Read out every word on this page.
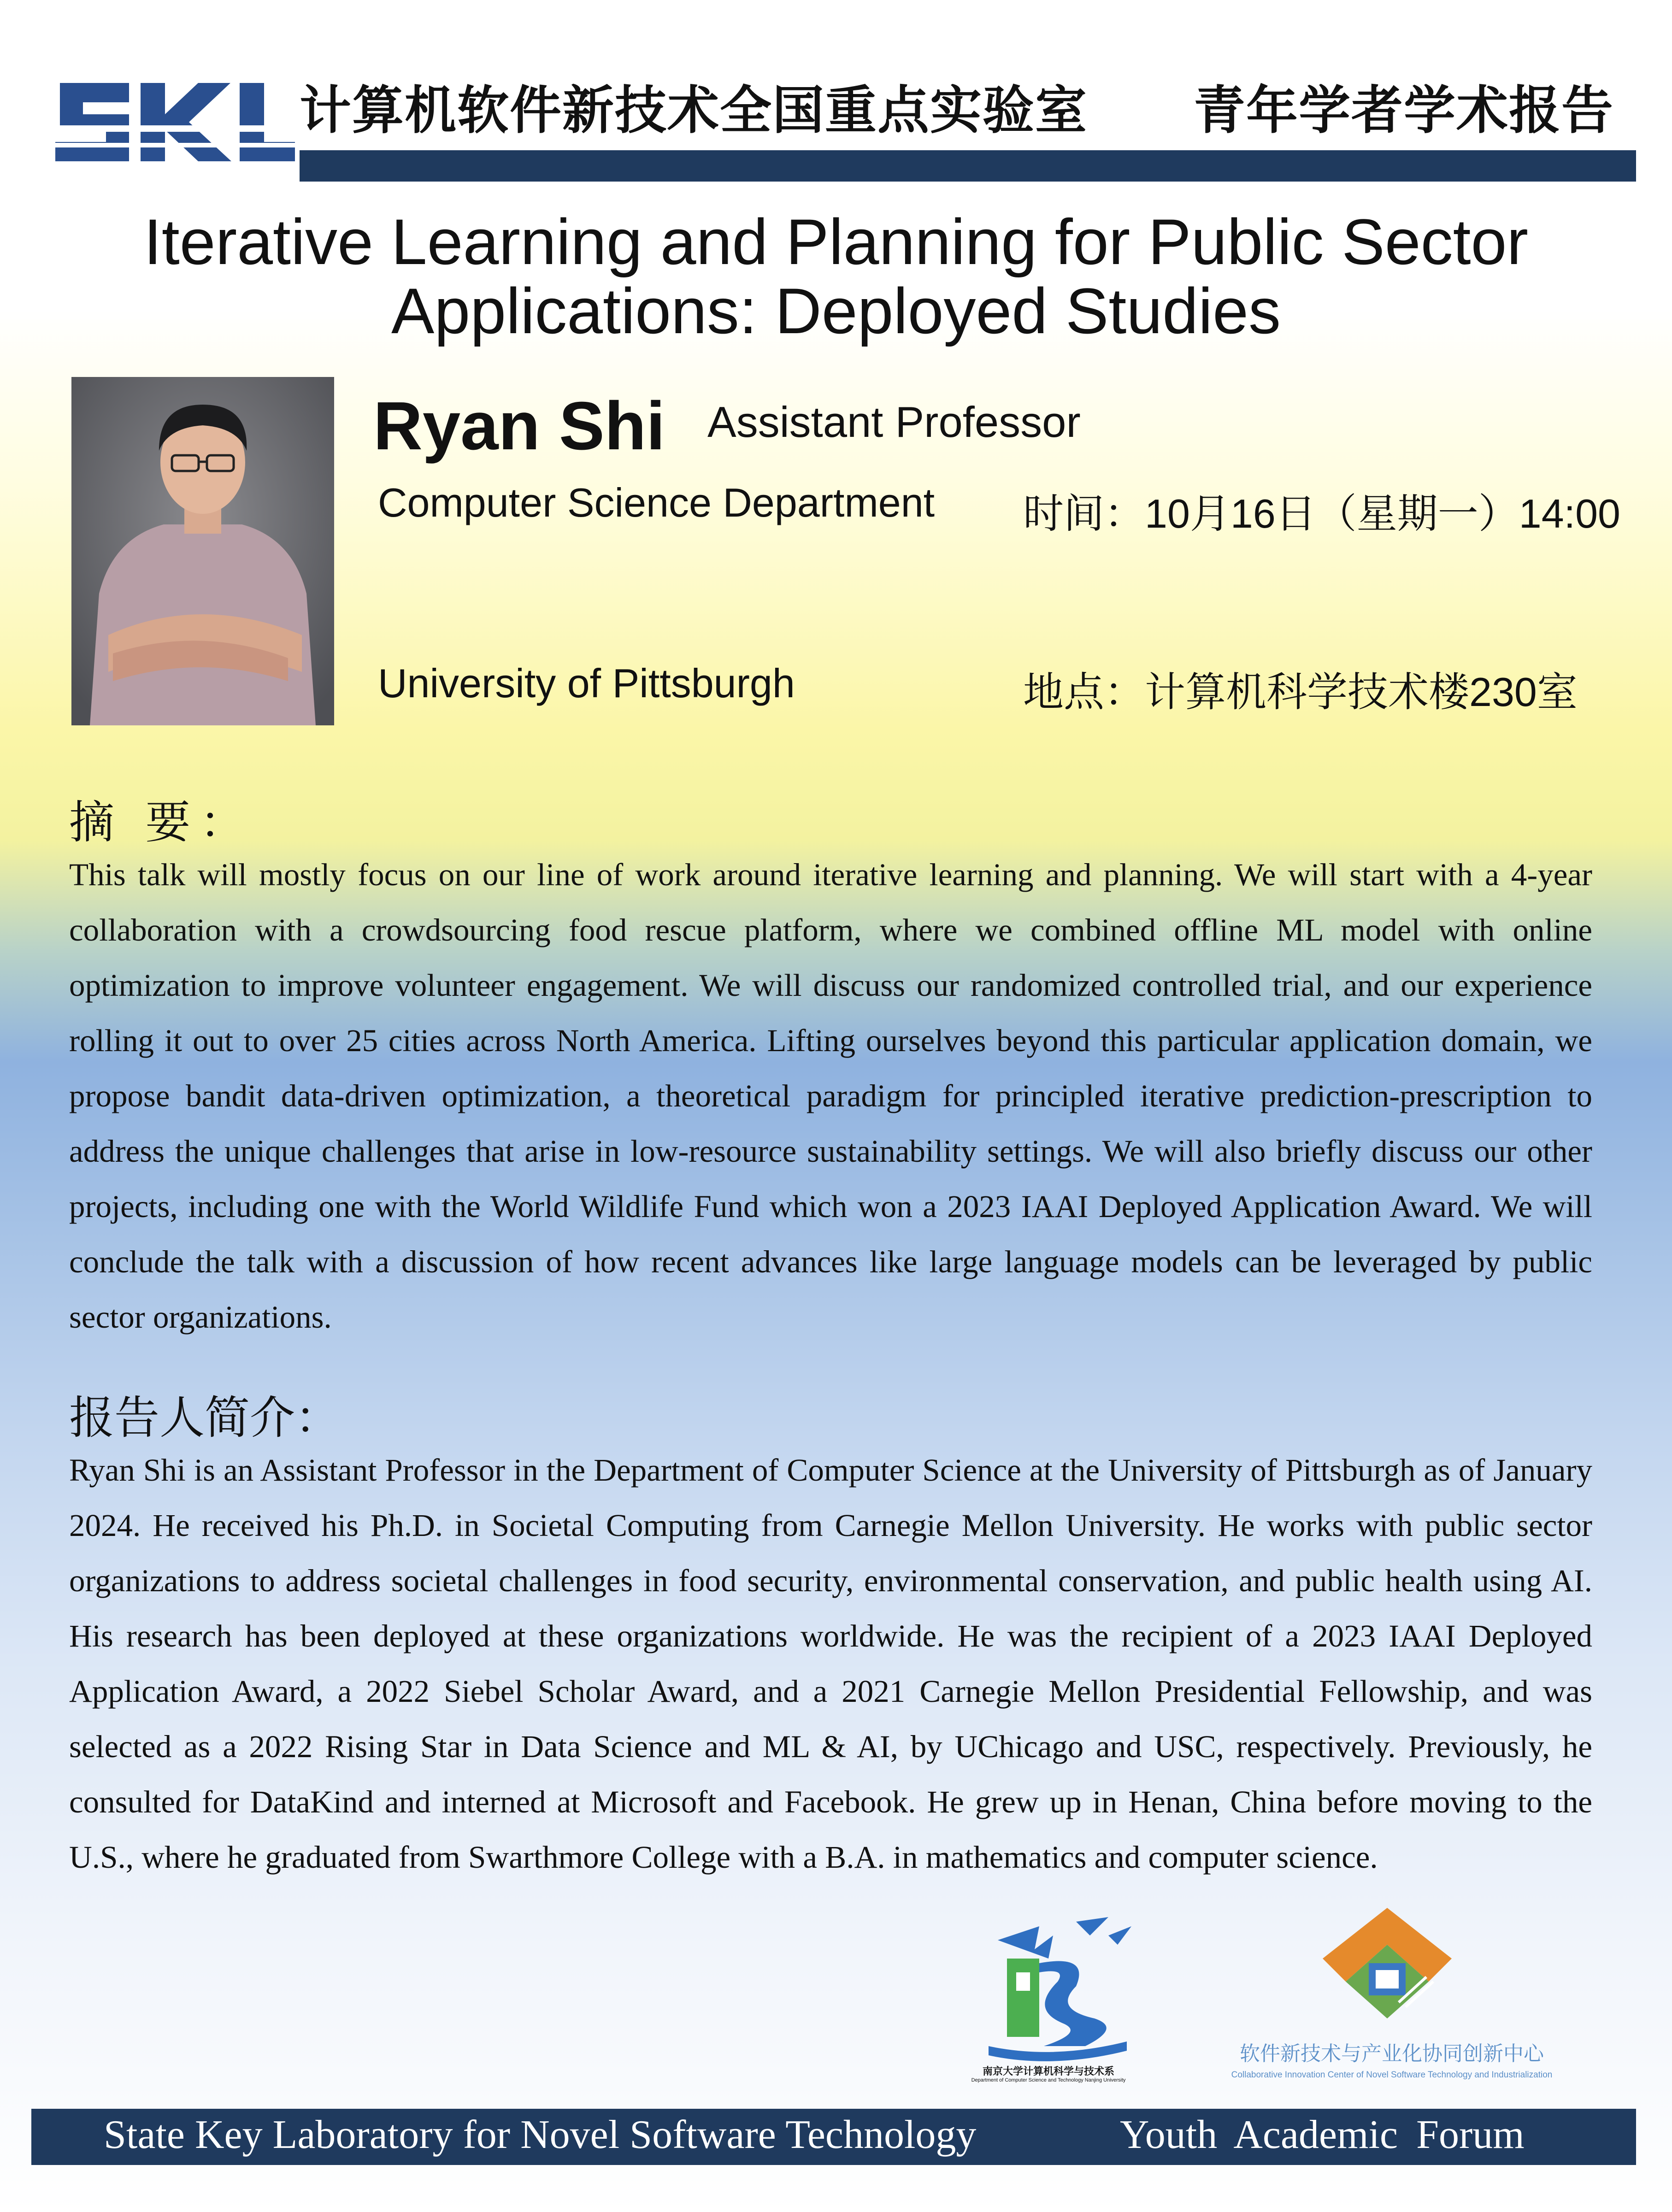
计算机软件新技术全国重点实验室 青年学者学术报告
Iterative Learning and Planning for Public Sector
Applications: Deployed Studies
Ryan Shi Assistant Professor
Computer Science Department
University of Pittsburgh
时间：10月16日（星期一）14:00
地点：计算机科学技术楼230室
摘 要：
This talk will mostly focus on our line of work around iterative learning and planning. We will start with a 4-year collaboration with a crowdsourcing food rescue platform, where we combined offline ML model with online optimization to improve volunteer engagement. We will discuss our randomized controlled trial, and our experience rolling it out to over 25 cities across North America. Lifting ourselves beyond this particular application domain, we propose bandit data-driven optimization, a theoretical paradigm for principled iterative prediction-prescription to address the unique challenges that arise in low-resource sustainability settings. We will also briefly discuss our other projects, including one with the World Wildlife Fund which won a 2023 IAAI Deployed Application Award. We will conclude the talk with a discussion of how recent advances like large language models can be leveraged by public sector organizations.
报告人简介：
Ryan Shi is an Assistant Professor in the Department of Computer Science at the University of Pittsburgh as of January 2024. He received his Ph.D. in Societal Computing from Carnegie Mellon University. He works with public sector organizations to address societal challenges in food security, environmental conservation, and public health using AI. His research has been deployed at these organizations worldwide. He was the recipient of a 2023 IAAI Deployed Application Award, a 2022 Siebel Scholar Award, and a 2021 Carnegie Mellon Presidential Fellowship, and was selected as a 2022 Rising Star in Data Science and ML & AI, by UChicago and USC, respectively. Previously, he consulted for DataKind and interned at Microsoft and Facebook. He grew up in Henan, China before moving to the U.S., where he graduated from Swarthmore College with a B.A. in mathematics and computer science.
南京大学计算机科学与技术系
Department of Computer Science and Technology Nanjing University
软件新技术与产业化协同创新中心
Collaborative Innovation Center of Novel Software Technology and Industrialization
State Key Laboratory for Novel Software Technology	Youth Academic Forum
